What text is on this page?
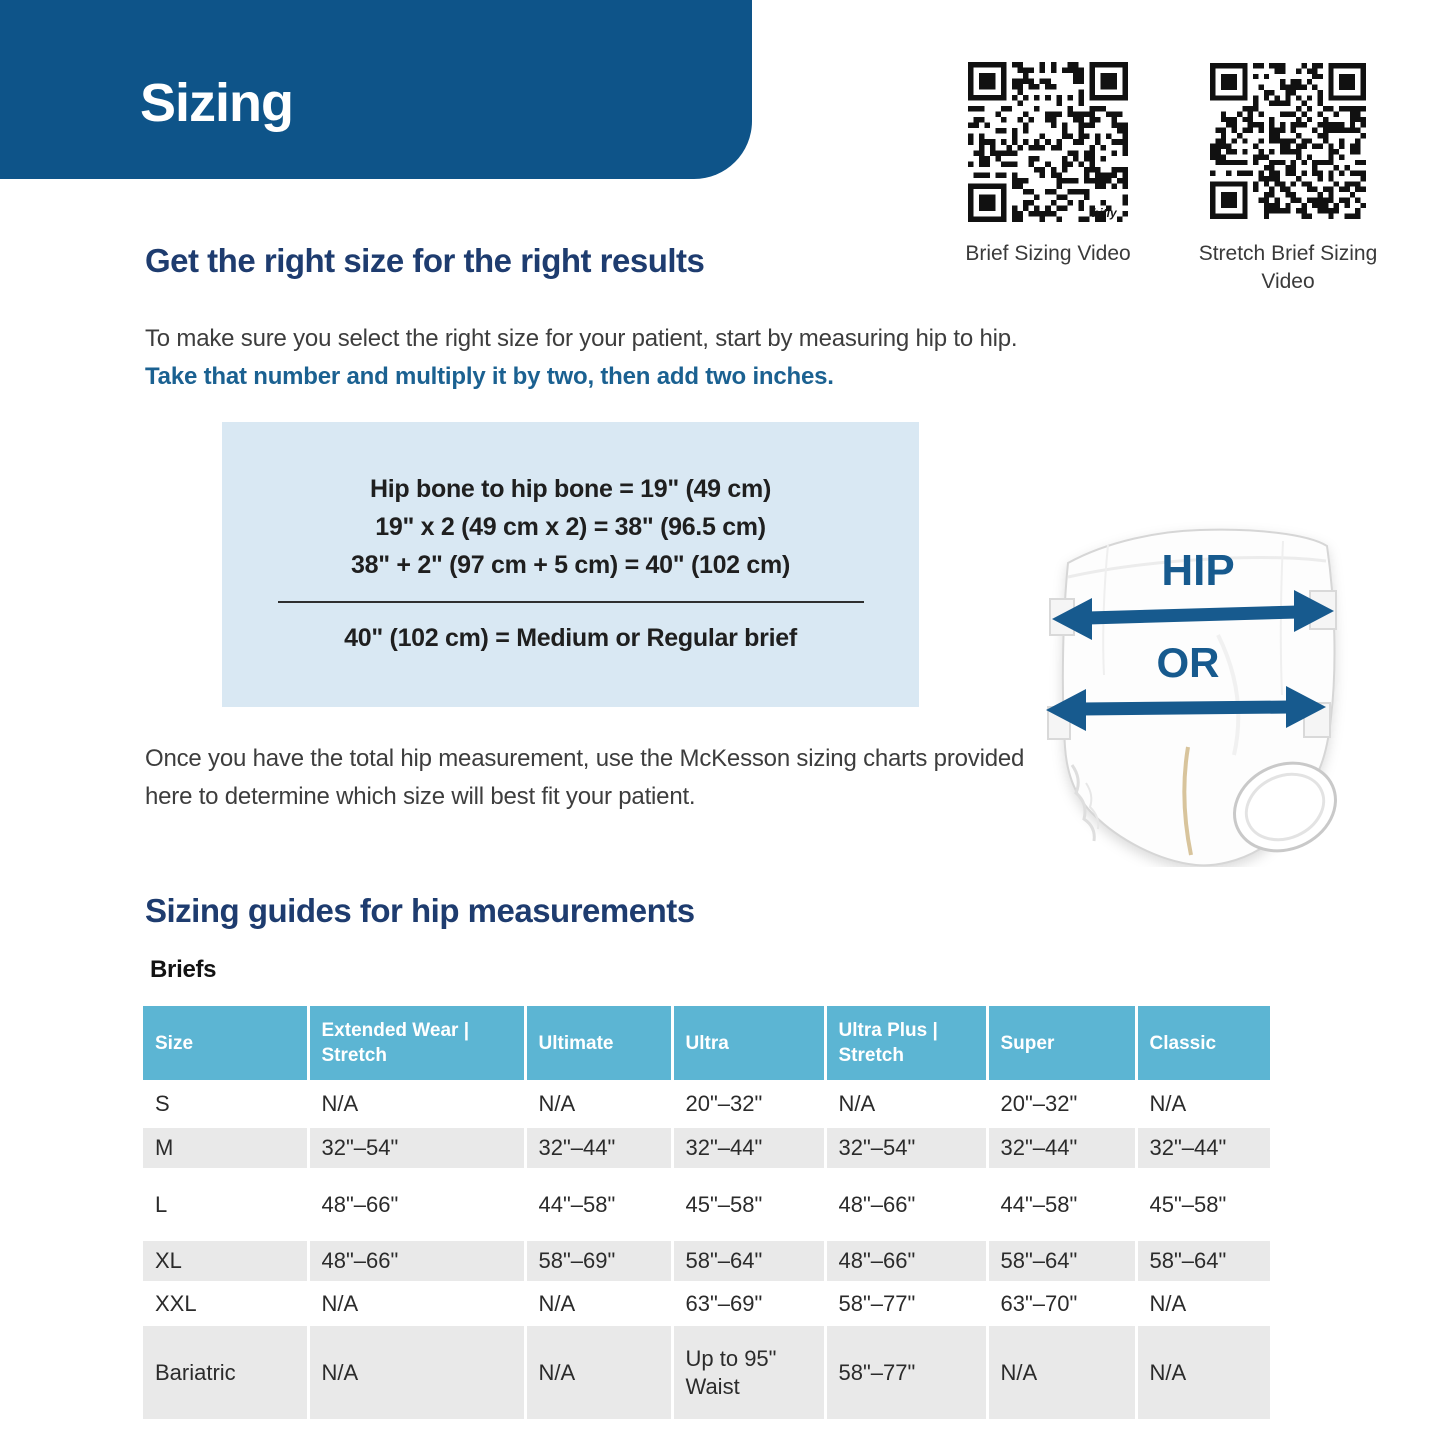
Sizing
bitly
Brief Sizing Video	Stretch Brief Sizing Video
Get the right size for the right results

To make sure you select the right size for your patient, start by measuring hip to hip. Take that number and multiply it by two, then add two inches.

Hip bone to hip bone = 19" (49 cm)
19" x 2 (49 cm x 2) = 38" (96.5 cm)
38" + 2" (97 cm + 5 cm) = 40" (102 cm)
40" (102 cm) = Medium or Regular brief
HIP
OR

Once you have the total hip measurement, use the McKesson sizing charts provided here to determine which size will best fit your patient.

Sizing guides for hip measurements
Briefs
Size	Extended Wear | Stretch	Ultimate	Ultra	Ultra Plus | Stretch	Super	Classic
S	N/A	N/A	20"–32"	N/A	20"–32"	N/A
M	32"–54"	32"–44"	32"–44"	32"–54"	32"–44"	32"–44"
L	48"–66"	44"–58"	45"–58"	48"–66"	44"–58"	45"–58"
XL	48"–66"	58"–69"	58"–64"	48"–66"	58"–64"	58"–64"
XXL	N/A	N/A	63"–69"	58"–77"	63"–70"	N/A
Bariatric	N/A	N/A	Up to 95" Waist	58"–77"	N/A	N/A
